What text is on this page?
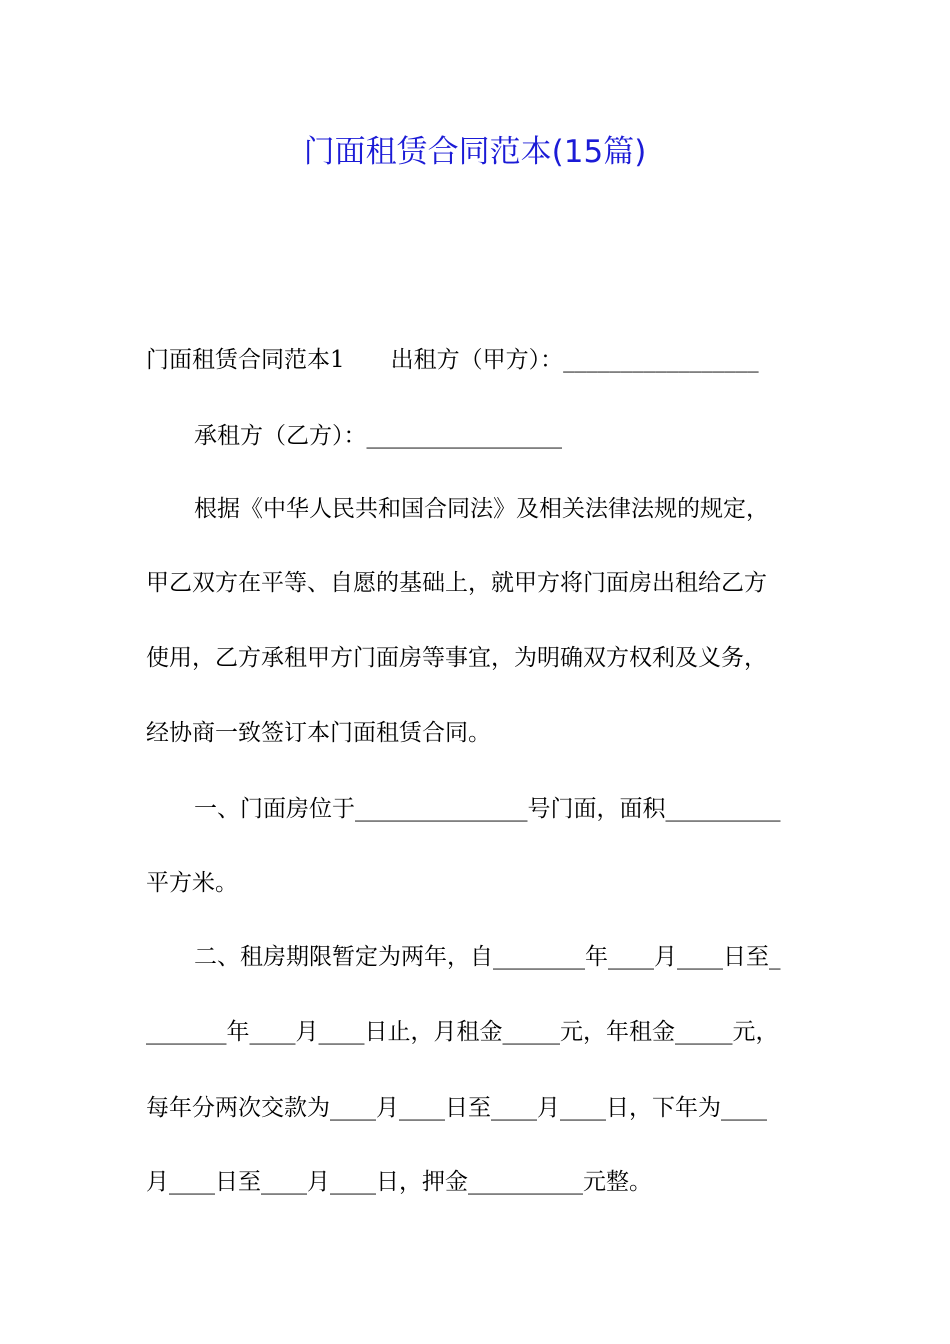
门面租赁合同范本(15篇)
门面租赁合同范本1　　出租方（甲方）：_________________
承租方（乙方）：_________________
根据《中华人民共和国合同法》及相关法律法规的规定，
甲乙双方在平等、自愿的基础上，就甲方将门面房出租给乙方
使用，乙方承租甲方门面房等事宜，为明确双方权利及义务，
经协商一致签订本门面租赁合同。
一、门面房位于_______________号门面，面积__________
平方米。
二、租房期限暂定为两年，自________年____月____日至_
_______年____月____日止，月租金_____元，年租金_____元，
每年分两次交款为____月____日至____月____日，下年为____
月____日至____月____日，押金__________元整。
